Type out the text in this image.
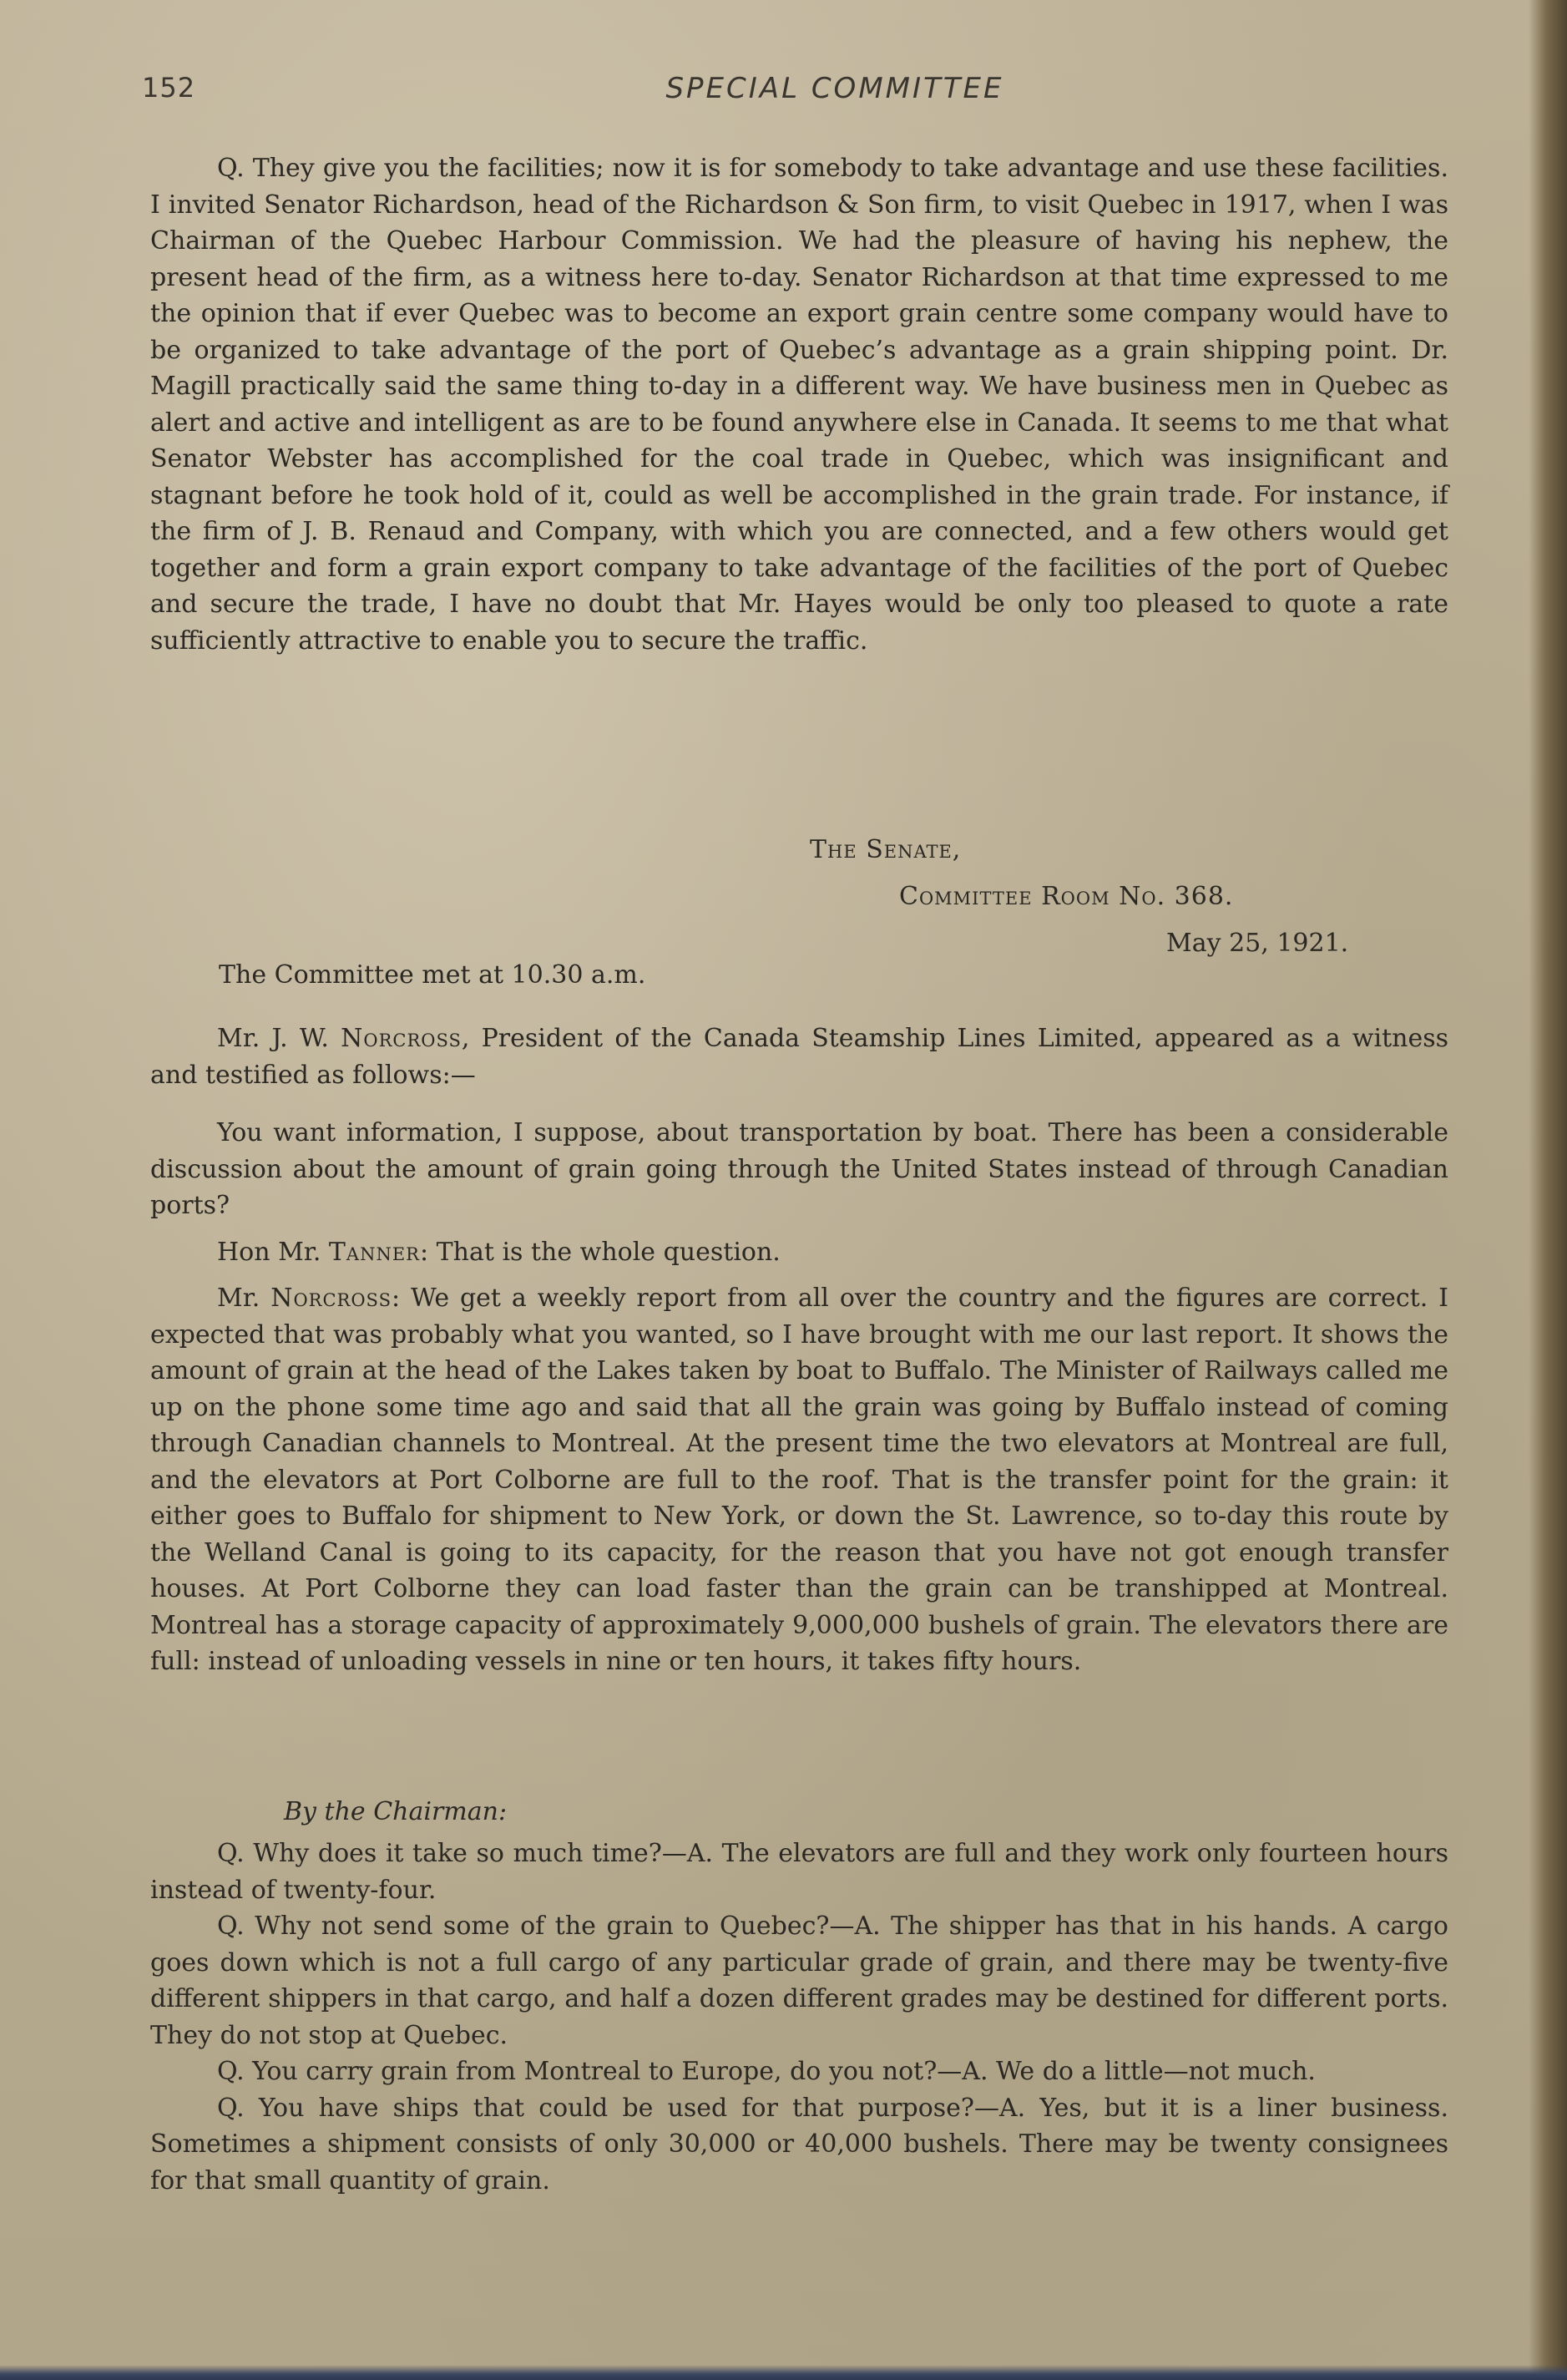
152	SPECIAL COMMITTEE

Q. They give you the facilities; now it is for somebody to take advantage and use these facilities. I invited Senator Richardson, head of the Richardson & Son firm, to visit Quebec in 1917, when I was Chairman of the Quebec Harbour Commission. We had the pleasure of having his nephew, the present head of the firm, as a witness here to-day. Senator Richardson at that time expressed to me the opinion that if ever Quebec was to become an export grain centre some company would have to be organized to take advantage of the port of Quebec’s advantage as a grain shipping point. Dr. Magill practically said the same thing to-day in a different way. We have business men in Quebec as alert and active and intelligent as are to be found anywhere else in Canada. It seems to me that what Senator Webster has accomplished for the coal trade in Quebec, which was insignificant and stagnant before he took hold of it, could as well be accomplished in the grain trade. For instance, if the firm of J. B. Renaud and Company, with which you are connected, and a few others would get together and form a grain export company to take advantage of the facilities of the port of Quebec and secure the trade, I have no doubt that Mr. Hayes would be only too pleased to quote a rate sufficiently attractive to enable you to secure the traffic.

The Senate,
Committee Room No. 368.
May 25, 1921.
The Committee met at 10.30 a.m.

Mr. J. W. Norcross, President of the Canada Steamship Lines Limited, appeared as a witness and testified as follows:—

You want information, I suppose, about transportation by boat. There has been a considerable discussion about the amount of grain going through the United States instead of through Canadian ports?

Hon Mr. Tanner: That is the whole question.

Mr. Norcross: We get a weekly report from all over the country and the figures are correct. I expected that was probably what you wanted, so I have brought with me our last report. It shows the amount of grain at the head of the Lakes taken by boat to Buffalo. The Minister of Railways called me up on the phone some time ago and said that all the grain was going by Buffalo instead of coming through Canadian channels to Montreal. At the present time the two elevators at Montreal are full, and the elevators at Port Colborne are full to the roof. That is the transfer point for the grain: it either goes to Buffalo for shipment to New York, or down the St. Lawrence, so to-day this route by the Welland Canal is going to its capacity, for the reason that you have not got enough transfer houses. At Port Colborne they can load faster than the grain can be transhipped at Montreal. Montreal has a storage capacity of approximately 9,000,000 bushels of grain. The elevators there are full: instead of unloading vessels in nine or ten hours, it takes fifty hours.

By the Chairman:

Q. Why does it take so much time?—A. The elevators are full and they work only fourteen hours instead of twenty-four.

Q. Why not send some of the grain to Quebec?—A. The shipper has that in his hands. A cargo goes down which is not a full cargo of any particular grade of grain, and there may be twenty-five different shippers in that cargo, and half a dozen different grades may be destined for different ports. They do not stop at Quebec.

Q. You carry grain from Montreal to Europe, do you not?—A. We do a little—not much.

Q. You have ships that could be used for that purpose?—A. Yes, but it is a liner business. Sometimes a shipment consists of only 30,000 or 40,000 bushels. There may be twenty consignees for that small quantity of grain.
